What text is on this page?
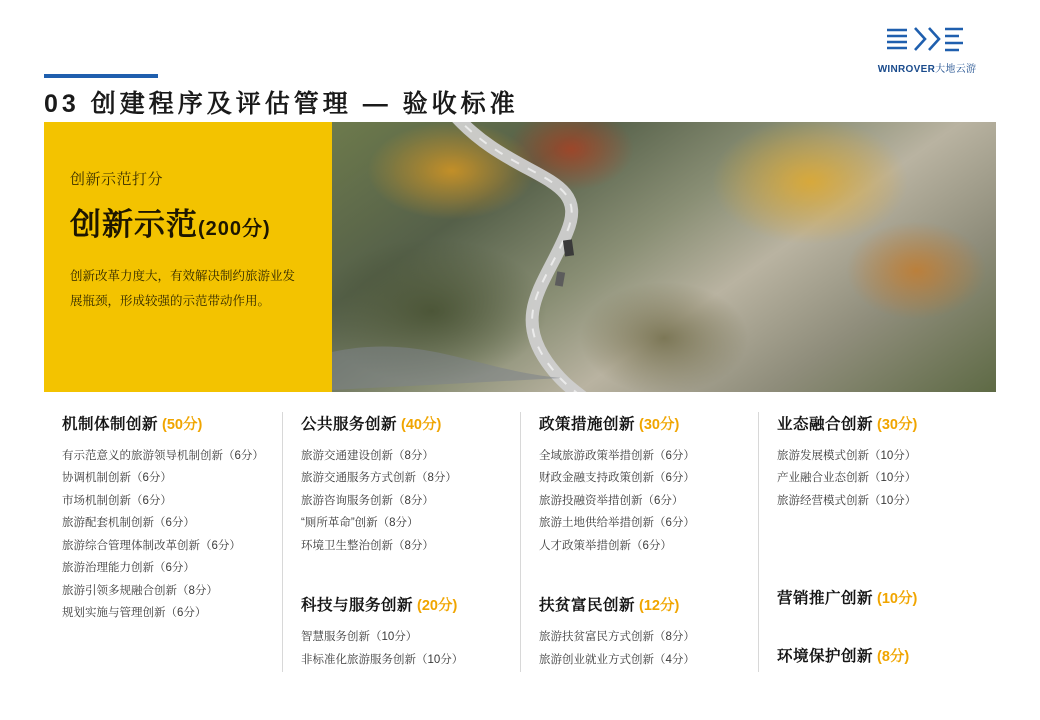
WINROVER大地云游
03 创建程序及评估管理 — 验收标准
创新示范打分
创新示范(200分)
创新改革力度大，有效解决制约旅游业发展瓶颈，形成较强的示范带动作用。
机制体制创新 (50分)
有示范意义的旅游领导机制创新（6分）
协调机制创新（6分）
市场机制创新（6分）
旅游配套机制创新（6分）
旅游综合管理体制改革创新（6分）
旅游治理能力创新（6分）
旅游引领多规融合创新（8分）
规划实施与管理创新（6分）
公共服务创新 (40分)
旅游交通建设创新（8分）
旅游交通服务方式创新（8分）
旅游咨询服务创新（8分）
“厕所革命”创新（8分）
环境卫生整治创新（8分）
科技与服务创新 (20分)
智慧服务创新（10分）
非标准化旅游服务创新（10分）
政策措施创新 (30分)
全域旅游政策举措创新（6分）
财政金融支持政策创新（6分）
旅游投融资举措创新（6分）
旅游土地供给举措创新（6分）
人才政策举措创新（6分）
扶贫富民创新 (12分)
旅游扶贫富民方式创新（8分）
旅游创业就业方式创新（4分）
业态融合创新 (30分)
旅游发展模式创新（10分）
产业融合业态创新（10分）
旅游经营模式创新（10分）
营销推广创新 (10分)
环境保护创新 (8分)
